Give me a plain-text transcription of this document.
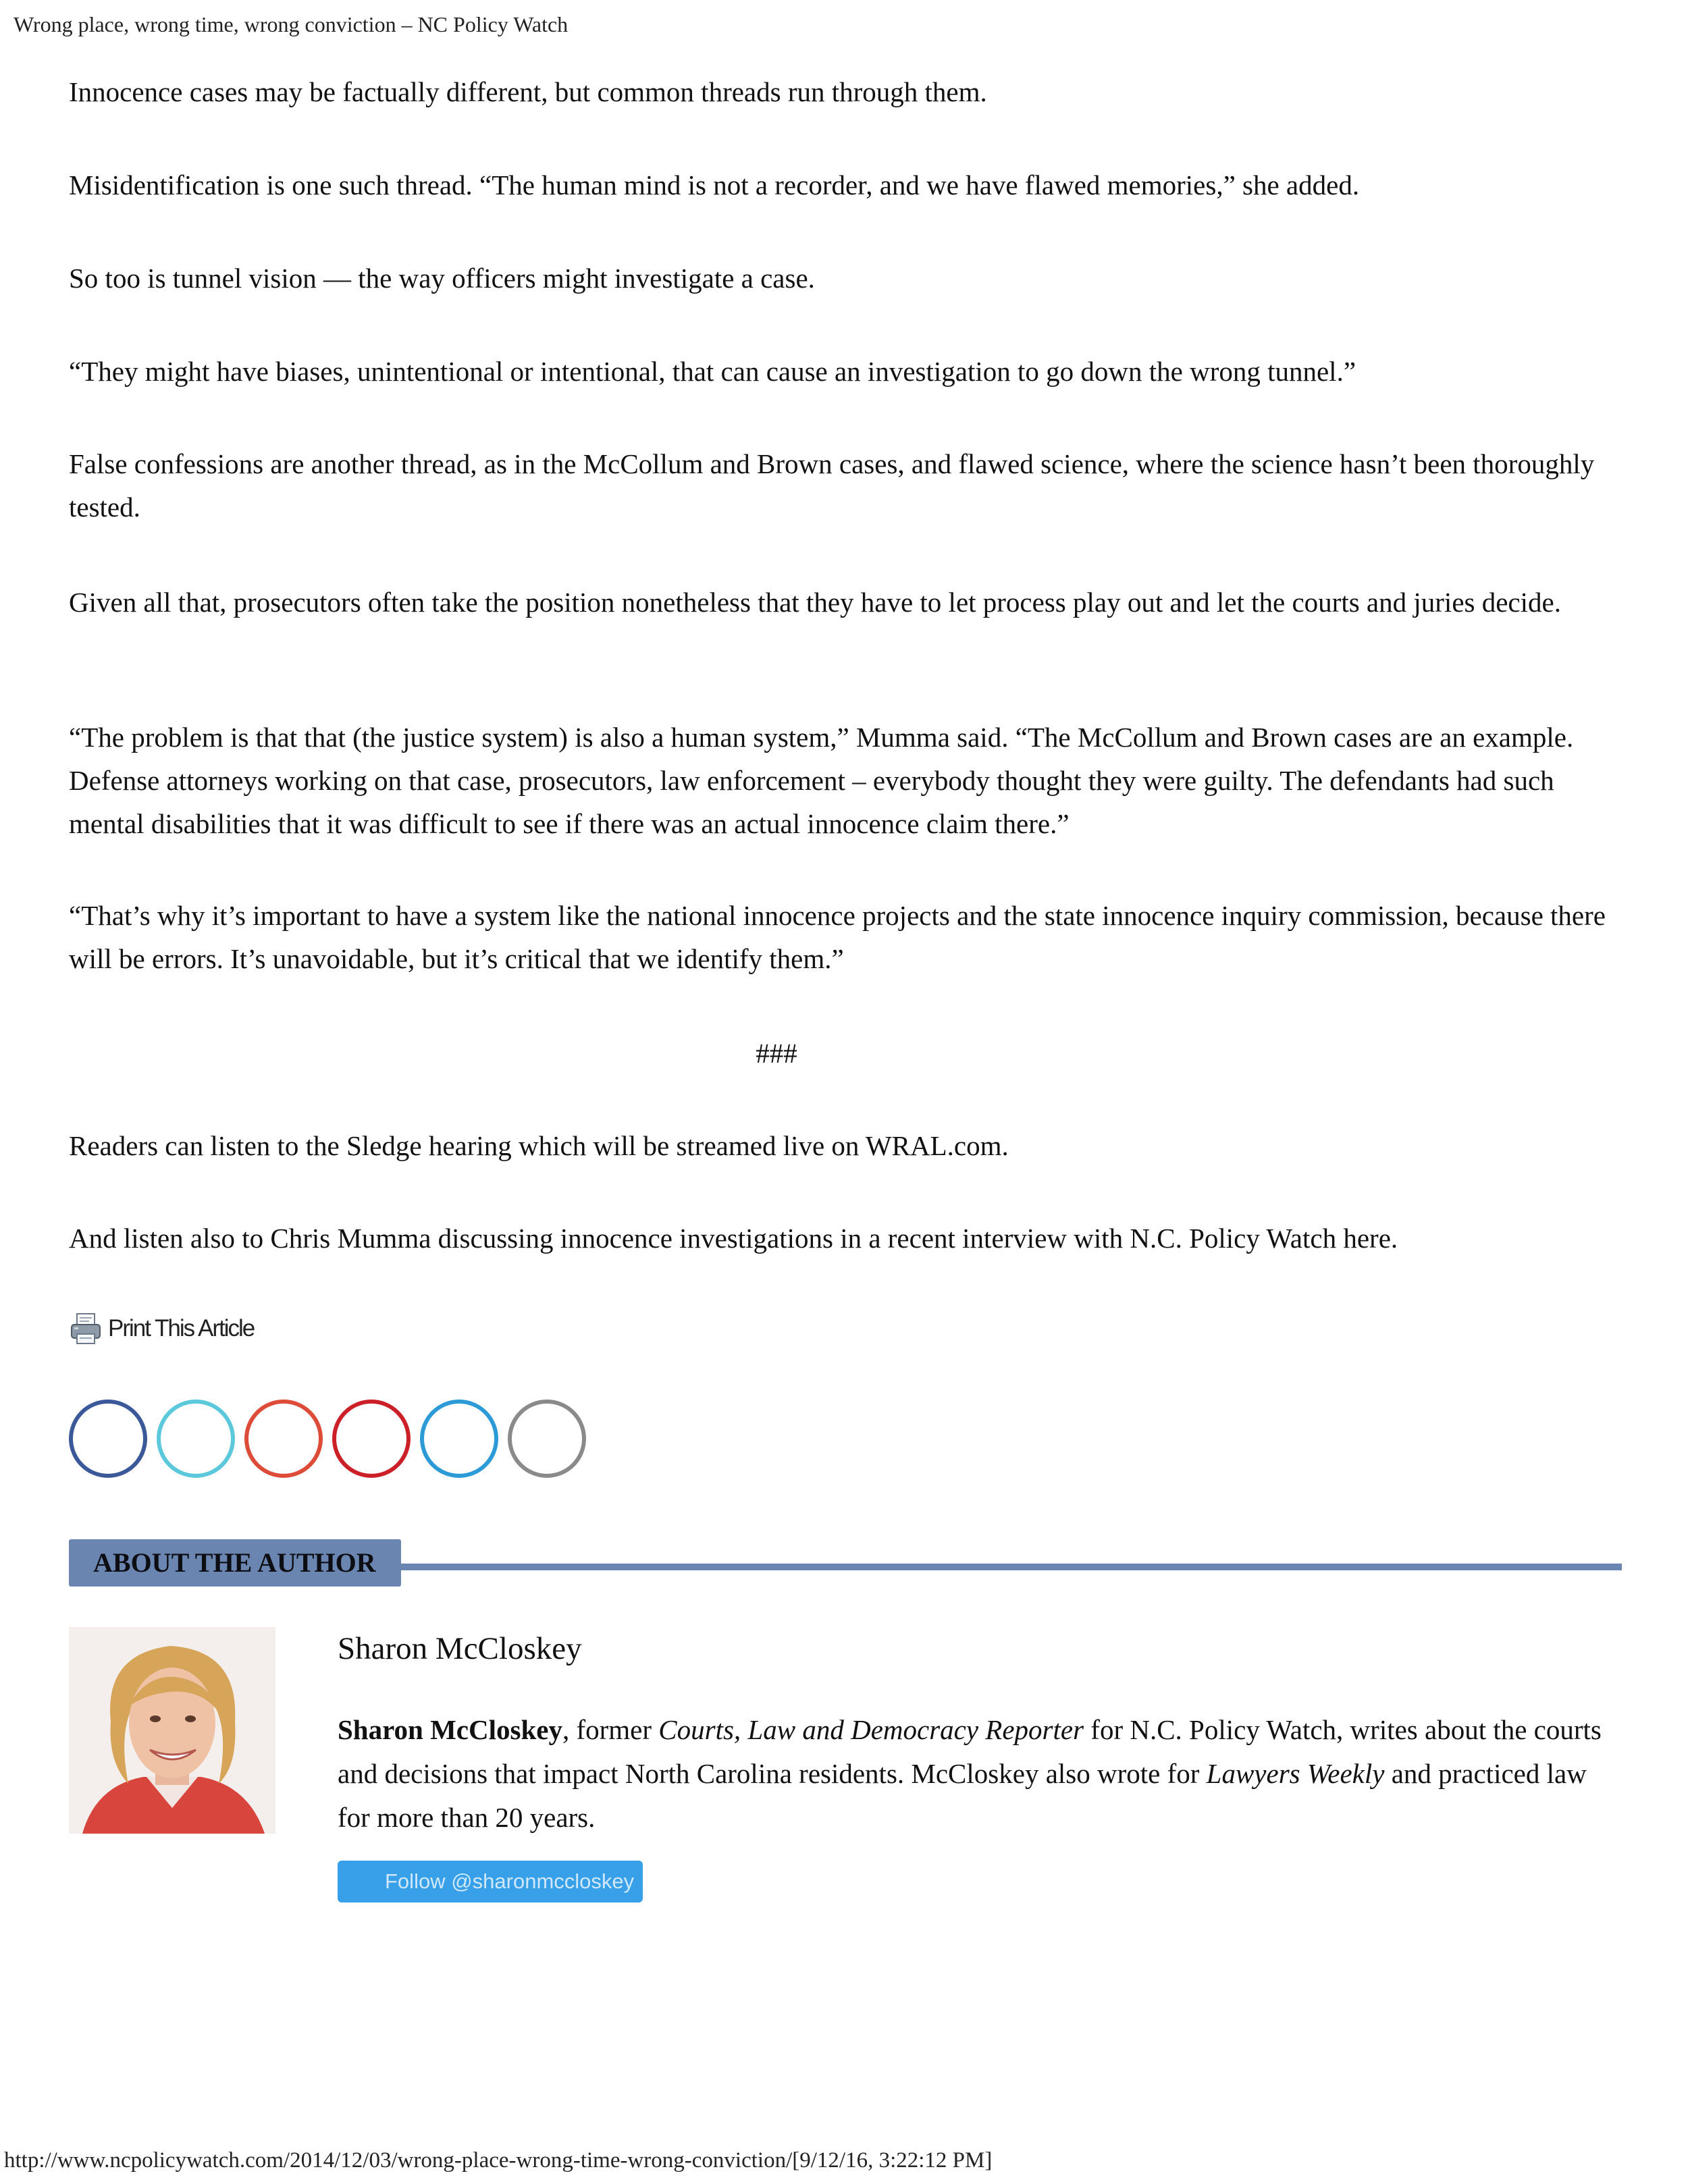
Wrong place, wrong time, wrong conviction – NC Policy Watch

Innocence cases may be factually different, but common threads run through them.

Misidentification is one such thread. “The human mind is not a recorder, and we have flawed memories,” she added.

So too is tunnel vision — the way officers might investigate a case.

“They might have biases, unintentional or intentional, that can cause an investigation to go down the wrong tunnel.”

False confessions are another thread, as in the McCollum and Brown cases, and flawed science, where the science hasn’t been thoroughly tested.

Given all that, prosecutors often take the position nonetheless that they have to let process play out and let the courts and juries decide.

“The problem is that that (the justice system) is also a human system,” Mumma said. “The McCollum and Brown cases are an example. Defense attorneys working on that case, prosecutors, law enforcement – everybody thought they were guilty. The defendants had such mental disabilities that it was difficult to see if there was an actual innocence claim there.”

“That’s why it’s important to have a system like the national innocence projects and the state innocence inquiry commission, because there will be errors. It’s unavoidable, but it’s critical that we identify them.”

Readers can listen to the Sledge hearing which will be streamed live on WRAL.com.

And listen also to Chris Mumma discussing innocence investigations in a recent interview with N.C. Policy Watch here.

###
Print This Article
ABOUT THE AUTHOR
Sharon McCloskey

Sharon McCloskey, former Courts, Law and Democracy Reporter for N.C. Policy Watch, writes about the courts and decisions that impact North Carolina residents. McCloskey also wrote for Lawyers Weekly and practiced law for more than 20 years.

Follow @sharonmccloskey
http://www.ncpolicywatch.com/2014/12/03/wrong-place-wrong-time-wrong-conviction/[9/12/16, 3:22:12 PM]
